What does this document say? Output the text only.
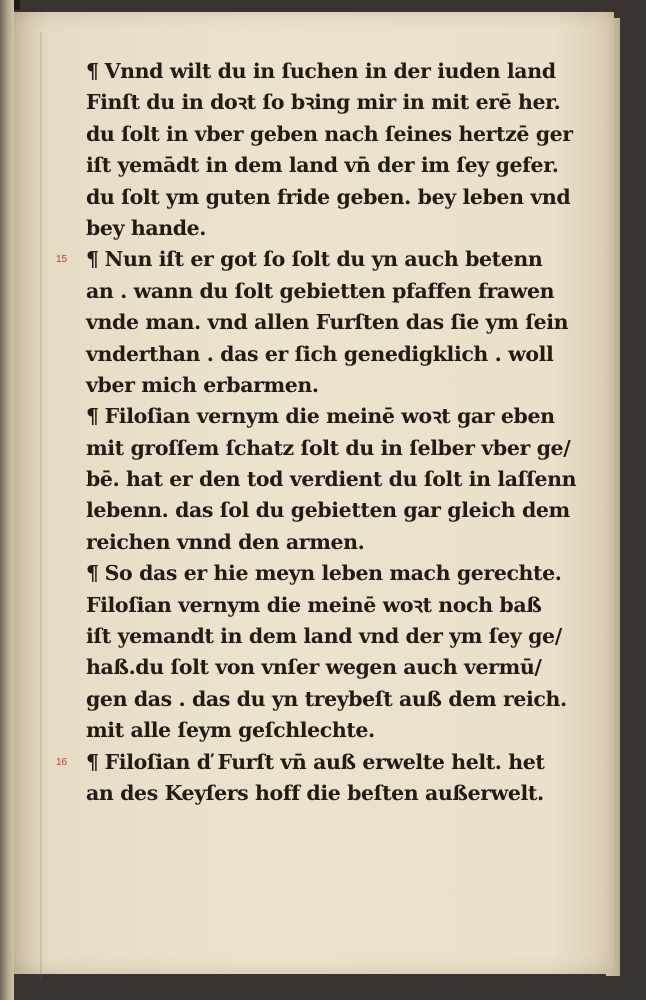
15
16
¶ Vnnd wilt du in ſuchen in der iuden land
Finſt du in doꝛt ſo bꝛing mir in mit erē her.
du ſolt in vber geben nach ſeines hertzē ger
iſt yemādt in dem land vn̄ der im ſey gefer.
du ſolt ym guten fride geben. bey leben vnd
bey hande.
¶ Nun iſt er got ſo ſolt du yn auch betenn
an . wann du ſolt gebietten pfaffen frawen
vnde man. vnd allen Furſten das ſie ym ſein
vnderthan . das er ſich genedigklich . woll
vber mich erbarmen.
¶ Filoſian vernym die meinē woꝛt gar eben
mit groſſem ſchatz ſolt du in ſelber vber ge/
bē. hat er den tod verdient du ſolt in laſſenn
lebenn. das ſol du gebietten gar gleich dem
reichen vnnd den armen.
¶ So das er hie meyn leben mach gerechte.
Filoſian vernym die meinē woꝛt noch baß
iſt yemandt in dem land vnd der ym ſey ge/
haß.du ſolt von vnſer wegen auch vermū/
gen das . das du yn treybeſt auß dem reich.
mit alle ſeym geſchlechte.
¶ Filoſian ď Furſt vn̄ auß erwelte helt. het
an des Keyſers hoff die beſten außerwelt.
